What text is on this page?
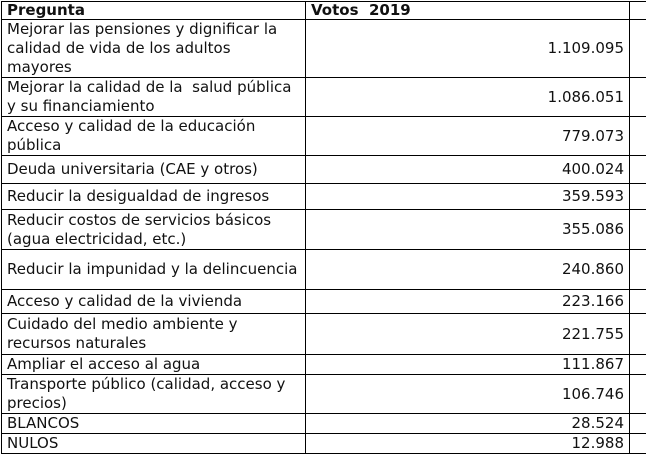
Pregunta	Votos  2019	
Mejorar las pensiones y dignificar la calidad de vida de los adultos mayores	1.109.095	
Mejorar la calidad de la  salud pública y su financiamiento	1.086.051	
Acceso y calidad de la educación pública	779.073	
Deuda universitaria (CAE y otros)	400.024	
Reducir la desigualdad de ingresos	359.593	
Reducir costos de servicios básicos (agua electricidad, etc.)	355.086	
Reducir la impunidad y la delincuencia	240.860	
Acceso y calidad de la vivienda	223.166	
Cuidado del medio ambiente y recursos naturales	221.755	
Ampliar el acceso al agua	111.867	
Transporte público (calidad, acceso y precios)	106.746	
BLANCOS	28.524	
NULOS	12.988	
